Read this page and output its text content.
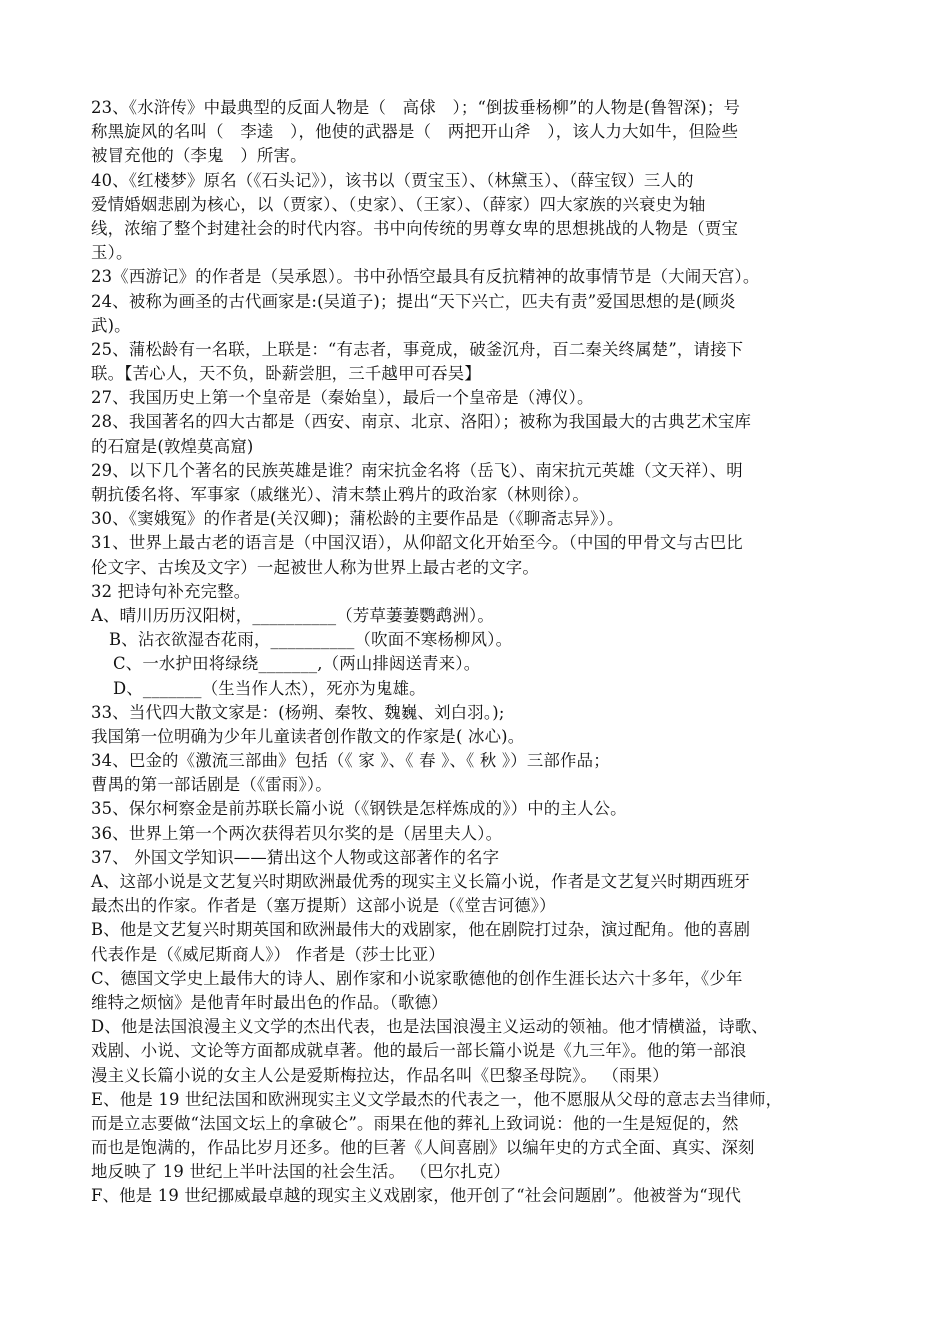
23、《水浒传》中最典型的反面人物是（　高俅　）；“倒拔垂杨柳”的人物是(鲁智深)；号
称黑旋风的名叫（　李逵　），他使的武器是（　两把开山斧　），该人力大如牛，但险些
被冒充他的（李鬼　）所害。
40、《红楼梦》原名（《石头记》），该书以（贾宝玉）、（林黛玉）、（薛宝钗）三人的
爱情婚姻悲剧为核心，以（贾家）、（史家）、（王家）、（薛家）四大家族的兴衰史为轴
线，浓缩了整个封建社会的时代内容。书中向传统的男尊女卑的思想挑战的人物是（贾宝
玉）。
23《西游记》的作者是（吴承恩）。书中孙悟空最具有反抗精神的故事情节是（大闹天宫）。
24、被称为画圣的古代画家是:(吴道子)；提出“天下兴亡，匹夫有责”爱国思想的是(顾炎
武)。
25、蒲松龄有一名联，上联是：“有志者，事竟成，破釜沉舟，百二秦关终属楚”，请接下
联。【苦心人，天不负，卧薪尝胆，三千越甲可吞吴】
27、我国历史上第一个皇帝是（秦始皇），最后一个皇帝是（溥仪）。
28、我国著名的四大古都是（西安、南京、北京、洛阳）；被称为我国最大的古典艺术宝库
的石窟是(敦煌莫高窟)
29、以下几个著名的民族英雄是谁？南宋抗金名将（岳飞）、南宋抗元英雄（文天祥）、明
朝抗倭名将、军事家（戚继光）、清末禁止鸦片的政治家（林则徐）。
30、《窦娥冤》的作者是(关汉卿)；蒲松龄的主要作品是（《聊斋志异》）。
31、世界上最古老的语言是（中国汉语），从仰韶文化开始至今。（中国的甲骨文与古巴比
伦文字、古埃及文字）一起被世人称为世界上最古老的文字。
32 把诗句补充完整。
A、晴川历历汉阳树，__________（芳草萋萋鹦鹉洲）。
B、沾衣欲湿杏花雨，__________（吹面不寒杨柳风）。
C、一水护田将绿绕_______,（两山排闼送青来）。
D、_______（生当作人杰），死亦为鬼雄。
33、当代四大散文家是：(杨朔、秦牧、魏巍、刘白羽。);
我国第一位明确为少年儿童读者创作散文的作家是( 冰心)。
34、巴金的《激流三部曲》包括（《 家 》、《 春 》、《 秋 》）三部作品；
曹禺的第一部话剧是（《雷雨》）。
35、保尔柯察金是前苏联长篇小说（《钢铁是怎样炼成的》）中的主人公。
36、世界上第一个两次获得若贝尔奖的是（居里夫人）。
37、 外国文学知识——猜出这个人物或这部著作的名字
A、这部小说是文艺复兴时期欧洲最优秀的现实主义长篇小说，作者是文艺复兴时期西班牙
最杰出的作家。作者是（塞万提斯）这部小说是（《堂吉诃德》）
B、他是文艺复兴时期英国和欧洲最伟大的戏剧家，他在剧院打过杂，演过配角。他的喜剧
代表作是（《威尼斯商人》） 作者是（莎士比亚）
C、德国文学史上最伟大的诗人、剧作家和小说家歌德他的创作生涯长达六十多年，《少年
维特之烦恼》是他青年时最出色的作品。（歌德）
D、他是法国浪漫主义文学的杰出代表，也是法国浪漫主义运动的领袖。他才情横溢，诗歌、
戏剧、小说、文论等方面都成就卓著。他的最后一部长篇小说是《九三年》。他的第一部浪
漫主义长篇小说的女主人公是爱斯梅拉达，作品名叫《巴黎圣母院》。 （雨果）
E、他是 19 世纪法国和欧洲现实主义文学最杰的代表之一，他不愿服从父母的意志去当律师，
而是立志要做“法国文坛上的拿破仑”。雨果在他的葬礼上致词说：他的一生是短促的，然
而也是饱满的，作品比岁月还多。他的巨著《人间喜剧》以编年史的方式全面、真实、深刻
地反映了 19 世纪上半叶法国的社会生活。 （巴尔扎克）
F、他是 19 世纪挪威最卓越的现实主义戏剧家，他开创了“社会问题剧”。他被誉为“现代
